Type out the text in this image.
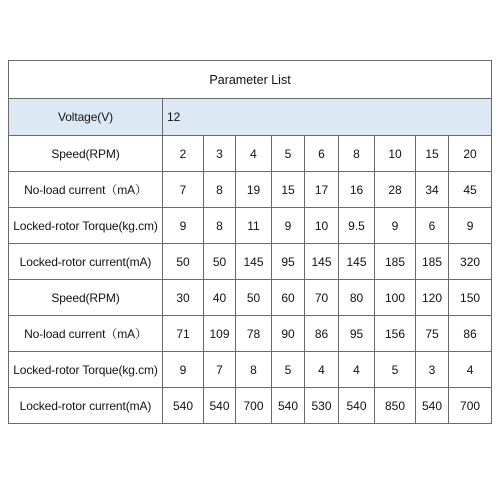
Parameter List									
Voltage(V)	12								
Speed(RPM)	2	3	4	5	6	8	10	15	20
No-load current（mA）	7	8	19	15	17	16	28	34	45
Locked-rotor Torque(kg.cm)	9	8	11	9	10	9.5	9	6	9
Locked-rotor current(mA)	50	50	145	95	145	145	185	185	320
Speed(RPM)	30	40	50	60	70	80	100	120	150
No-load current（mA）	71	109	78	90	86	95	156	75	86
Locked-rotor Torque(kg.cm)	9	7	8	5	4	4	5	3	4
Locked-rotor current(mA)	540	540	700	540	530	540	850	540	700
